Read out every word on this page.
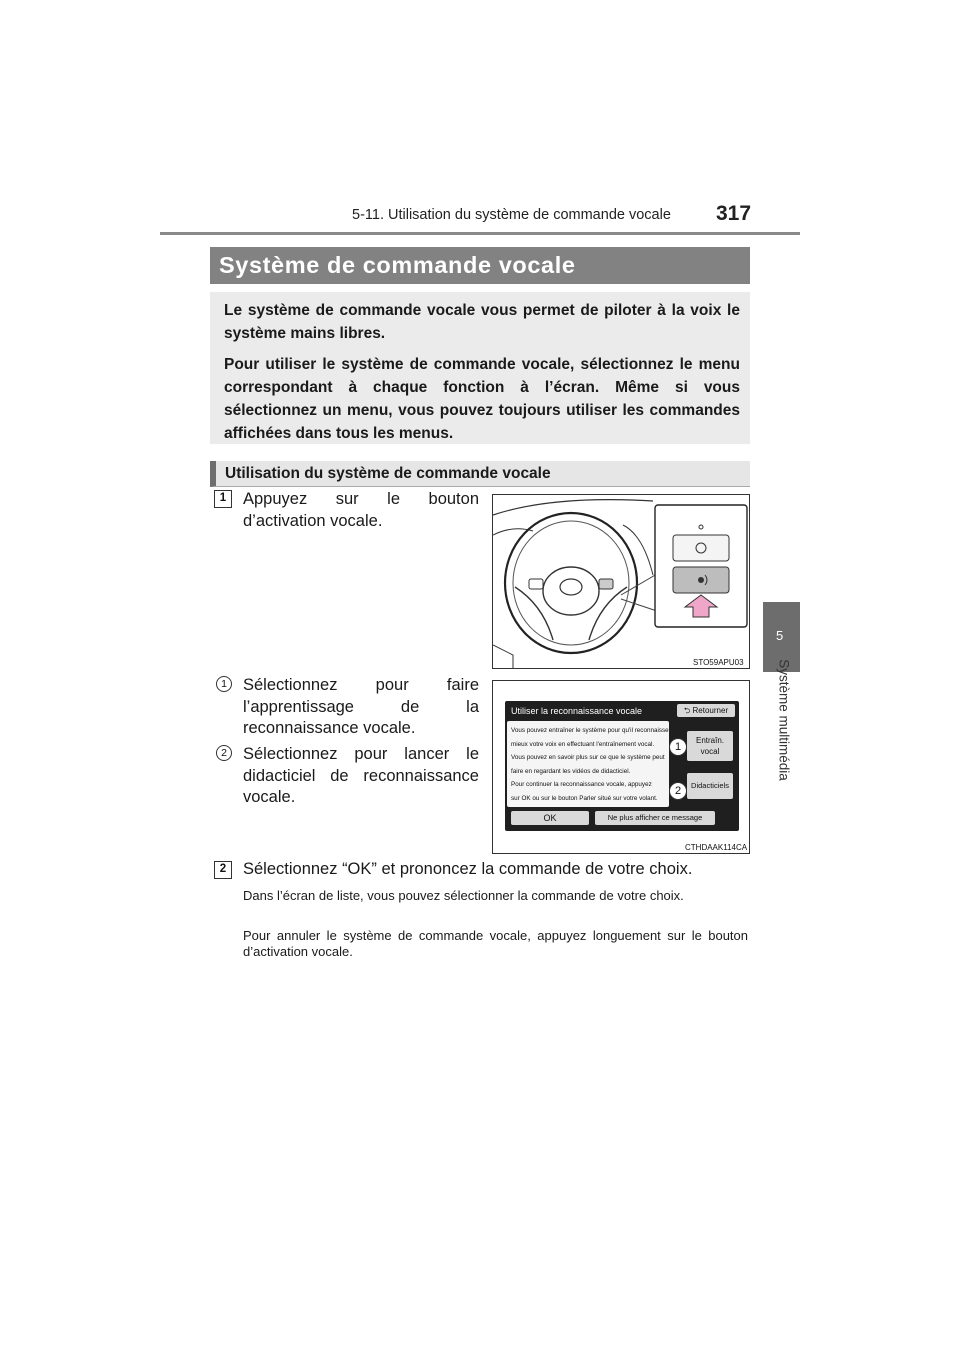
5-11. Utilisation du système de commande vocale 317
5
Système multimédia
Système de commande vocale

Le système de commande vocale vous permet de piloter à la voix le système mains libres.

Pour utiliser le système de commande vocale, sélectionnez le menu correspondant à chaque fonction à l’écran. Même si vous sélectionnez un menu, vous pouvez toujours utiliser les commandes affichées dans tous les menus.

Utilisation du système de commande vocale
1	Appuyez sur le bouton d’activation vocale.
STO59APU03
1 Sélectionnez pour faire l’apprentissage de la reconnaissance vocale.
2 Sélectionnez pour lancer le didacticiel de reconnaissance vocale.
Utiliser la reconnaissance vocale	⮌ Retourner
Vous pouvez entraîner le système pour qu'il reconnaisse
mieux votre voix en effectuant l'entraînement vocal.
Vous pouvez en savoir plus sur ce que le système peut
faire en regardant les vidéos de didacticiel.
Pour continuer la reconnaissance vocale, appuyez
sur OK ou sur le bouton Parler situé sur votre volant.
Entraîn.
vocal
Didacticiels
OK	Ne plus afficher ce message
1
2
CTHDAAK114CA
2	Sélectionnez “OK” et prononcez la commande de votre choix.
Dans l’écran de liste, vous pouvez sélectionner la commande de votre choix.
Pour annuler le système de commande vocale, appuyez longuement sur le bouton d’activation vocale.
